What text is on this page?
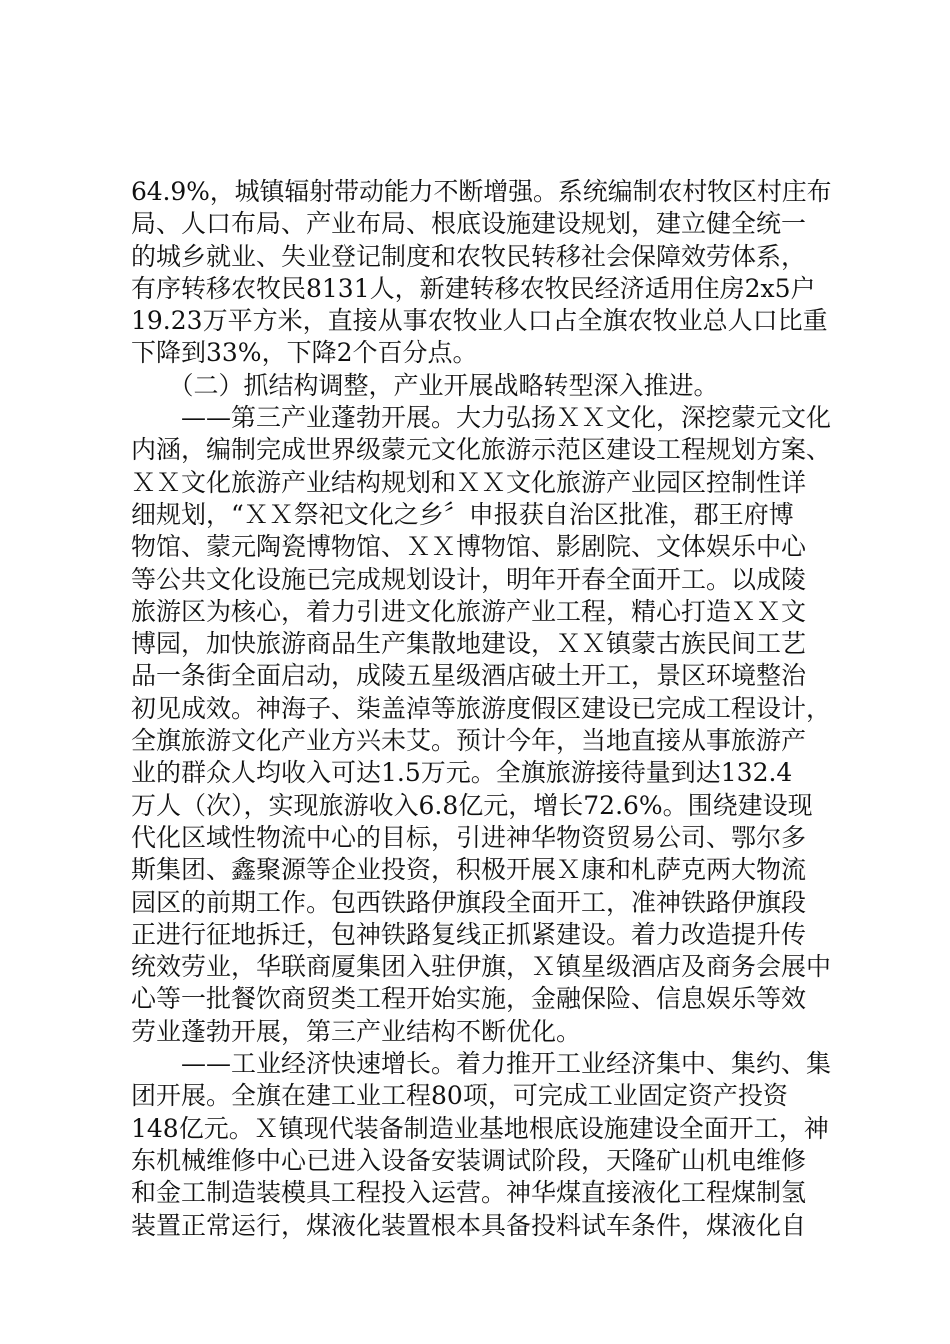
64.9%，城镇辐射带动能力不断增强。系统编制农村牧区村庄布
局、人口布局、产业布局、根底设施建设规划，建立健全统一
的城乡就业、失业登记制度和农牧民转移社会保障效劳体系，
有序转移农牧民8131人，新建转移农牧民经济适用住房2x5户
19.23万平方米，直接从事农牧业人口占全旗农牧业总人口比重
下降到33%，下降2个百分点。
　　（二）抓结构调整，产业开展战略转型深入推进。
　　——第三产业蓬勃开展。大力弘扬ＸＸ文化，深挖蒙元文化
内涵，编制完成世界级蒙元文化旅游示范区建设工程规划方案、
ＸＸ文化旅游产业结构规划和ＸＸ文化旅游产业园区控制性详
细规划，“ＸＸ祭祀文化之乡〞申报获自治区批准，郡王府博
物馆、蒙元陶瓷博物馆、ＸＸ博物馆、影剧院、文体娱乐中心
等公共文化设施已完成规划设计，明年开春全面开工。以成陵
旅游区为核心，着力引进文化旅游产业工程，精心打造ＸＸ文
博园，加快旅游商品生产集散地建设，ＸＸ镇蒙古族民间工艺
品一条街全面启动，成陵五星级酒店破土开工，景区环境整治
初见成效。神海子、柒盖淖等旅游度假区建设已完成工程设计，
全旗旅游文化产业方兴未艾。预计今年，当地直接从事旅游产
业的群众人均收入可达1.5万元。全旗旅游接待量到达132.4
万人（次），实现旅游收入6.8亿元，增长72.6%。围绕建设现
代化区域性物流中心的目标，引进神华物资贸易公司、鄂尔多
斯集团、鑫聚源等企业投资，积极开展Ｘ康和札萨克两大物流
园区的前期工作。包西铁路伊旗段全面开工，准神铁路伊旗段
正进行征地拆迁，包神铁路复线正抓紧建设。着力改造提升传
统效劳业，华联商厦集团入驻伊旗，Ｘ镇星级酒店及商务会展中
心等一批餐饮商贸类工程开始实施，金融保险、信息娱乐等效
劳业蓬勃开展，第三产业结构不断优化。
　　——工业经济快速增长。着力推开工业经济集中、集约、集
团开展。全旗在建工业工程80项，可完成工业固定资产投资
148亿元。Ｘ镇现代装备制造业基地根底设施建设全面开工，神
东机械维修中心已进入设备安装调试阶段，天隆矿山机电维修
和金工制造装模具工程投入运营。神华煤直接液化工程煤制氢
装置正常运行，煤液化装置根本具备投料试车条件，煤液化自
